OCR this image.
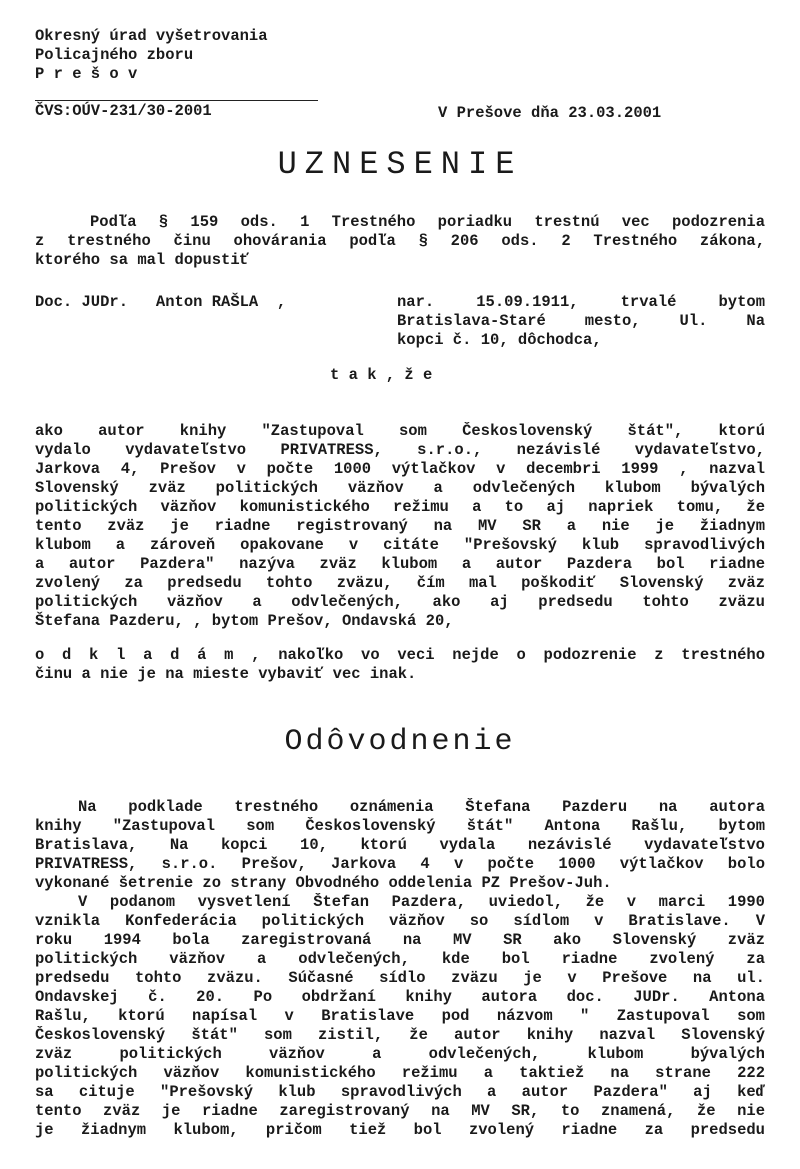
Okresný úrad vyšetrovania
Policajného zboru
P r e š o v
ČVS:OÚV-231/30-2001	V Prešove dňa 23.03.2001
UZNESENIE
Podľa § 159 ods. 1 Trestného poriadku trestnú vec podozrenia
z trestného činu ohovárania podľa § 206 ods. 2 Trestného zákona,
ktorého sa mal dopustiť
Doc. JUDr.   Anton RAŠLA  ,	nar. 15.09.1911, trvalé bytom
Bratislava-Staré mesto, Ul. Na
kopci č. 10, dôchodca,
t a k , ž e
ako autor knihy "Zastupoval som Československý štát", ktorú
vydalo vydavateľstvo PRIVATRESS, s.r.o., nezávislé vydavateľstvo,
Jarkova 4, Prešov v počte 1000 výtlačkov v decembri 1999 , nazval
Slovenský zväz politických väzňov a odvlečených klubom bývalých
politických väzňov komunistického režimu a to aj napriek tomu, že
tento zväz je riadne registrovaný na MV SR a nie je žiadnym
klubom a zároveň opakovane v citáte "Prešovský klub spravodlivých
a autor Pazdera" nazýva zväz klubom a autor Pazdera bol riadne
zvolený za predsedu tohto zväzu, čím mal poškodiť Slovenský zväz
politických väzňov a odvlečených, ako aj predsedu tohto zväzu
Štefana Pazderu, , bytom Prešov, Ondavská 20,
o d k l a d á m , nakoľko vo veci nejde o podozrenie z trestného
činu a nie je na mieste vybaviť vec inak.
Odôvodnenie
Na podklade trestného oznámenia Štefana Pazderu na autora
knihy "Zastupoval som Československý štát" Antona Rašlu, bytom
Bratislava, Na kopci 10, ktorú vydala nezávislé vydavateľstvo
PRIVATRESS, s.r.o. Prešov, Jarkova 4 v počte 1000 výtlačkov bolo
vykonané šetrenie zo strany Obvodného oddelenia PZ Prešov-Juh.
V podanom vysvetlení Štefan Pazdera, uviedol, že v marci 1990
vznikla Konfederácia politických väzňov so sídlom v Bratislave. V
roku 1994 bola zaregistrovaná na MV SR ako Slovenský zväz
politických väzňov a odvlečených, kde bol riadne zvolený za
predsedu tohto zväzu. Súčasné sídlo zväzu je v Prešove na ul.
Ondavskej č. 20. Po obdržaní knihy autora doc. JUDr. Antona
Rašlu, ktorú napísal v Bratislave pod názvom " Zastupoval som
Československý štát" som zistil, že autor knihy nazval Slovenský
zväz politických väzňov a odvlečených, klubom bývalých
politických väzňov komunistického režimu a taktiež na strane 222
sa cituje "Prešovský klub spravodlivých a autor Pazdera" aj keď
tento zväz je riadne zaregistrovaný na MV SR, to znamená, že nie
je žiadnym klubom, pričom tiež bol zvolený riadne za predsedu
